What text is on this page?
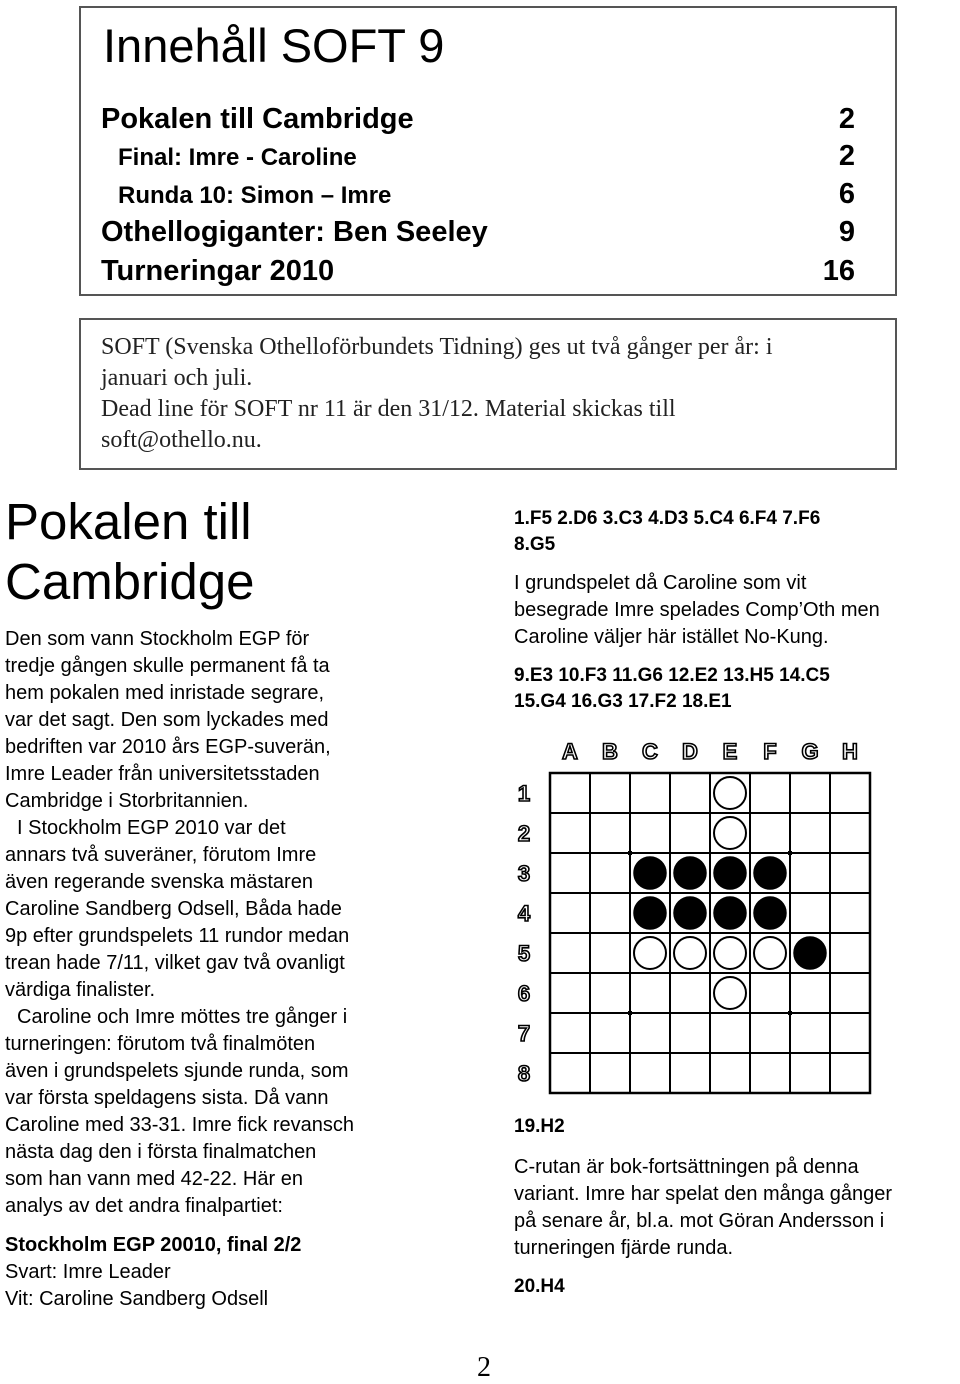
Innehåll SOFT 9
Pokalen till Cambridge	2
Final: Imre - Caroline	2
Runda 10: Simon – Imre	6
Othellogiganter: Ben Seeley	9
Turneringar 2010	16
SOFT (Svenska Othelloförbundets Tidning) ges ut två gånger per år: i
januari och juli.
Dead line för SOFT nr 11 är den 31/12. Material skickas till
soft@othello.nu.
Pokalen till
Cambridge
Den som vann Stockholm EGP för
tredje gången skulle permanent få ta
hem pokalen med inristade segrare,
var det sagt. Den som lyckades med
bedriften var 2010 års EGP-suverän,
Imre Leader från universitetsstaden
Cambridge i Storbritannien.
I Stockholm EGP 2010 var det
annars två suveräner, förutom Imre
även regerande svenska mästaren
Caroline Sandberg Odsell, Båda hade
9p efter grundspelets 11 rundor medan
trean hade 7/11, vilket gav två ovanligt
värdiga finalister.
Caroline och Imre möttes tre gånger i
turneringen: förutom två finalmöten
även i grundspelets sjunde runda, som
var första speldagens sista. Då vann
Caroline med 33-31. Imre fick revansch
nästa dag den i första finalmatchen
som han vann med 42-22. Här en
analys av det andra finalpartiet:
Stockholm EGP 20010, final 2/2
Svart: Imre Leader
Vit: Caroline Sandberg Odsell
1.F5 2.D6 3.C3 4.D3 5.C4 6.F4 7.F6
8.G5
I grundspelet då Caroline som vit
besegrade Imre spelades Comp’Oth men
Caroline väljer här istället No-Kung.
9.E3 10.F3 11.G6 12.E2 13.H5 14.C5
15.G4 16.G3 17.F2 18.E1
A B C D E F G H
1
2
3
4
5
6
7
8
19.H2
C-rutan är bok-fortsättningen på denna
variant. Imre har spelat den många gånger
på senare år, bl.a. mot Göran Andersson i
turneringen fjärde runda.
20.H4
2
